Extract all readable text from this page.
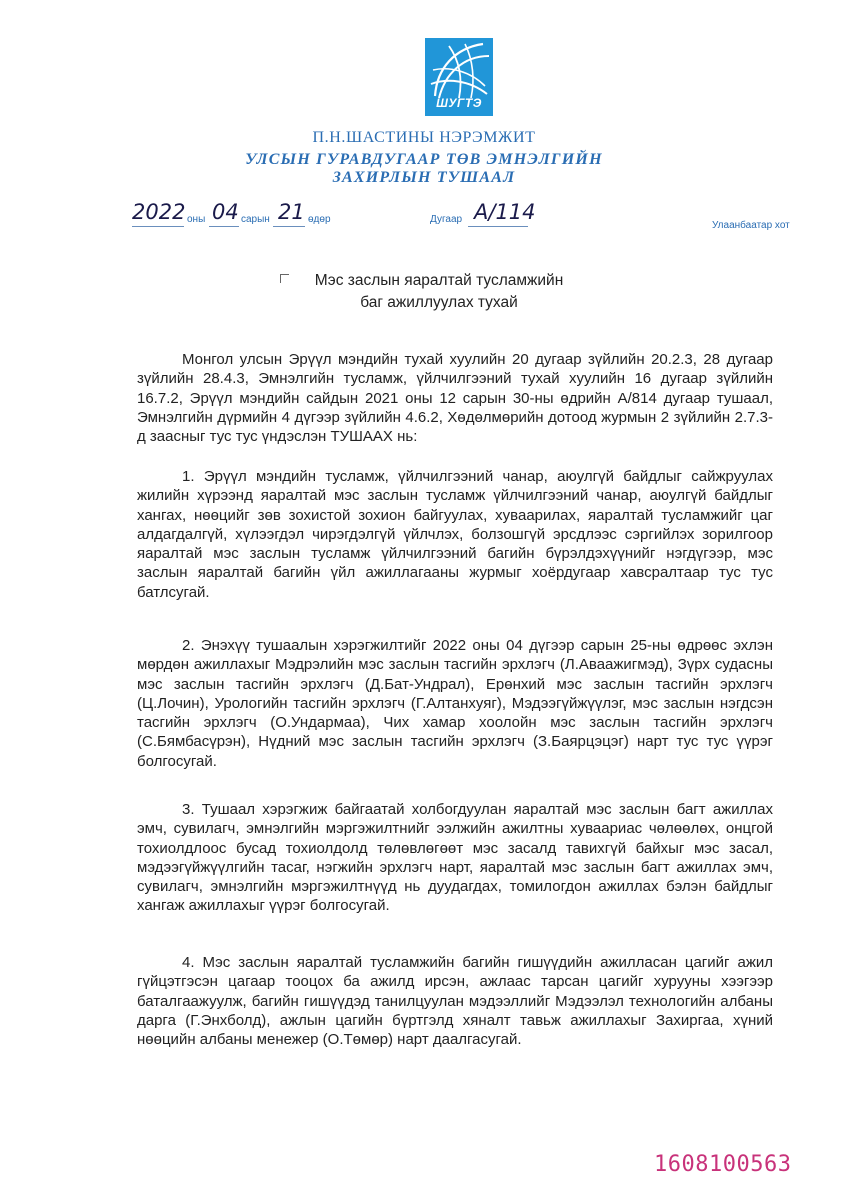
ШУГТЭ
П.Н.ШАСТИНЫ НЭРЭМЖИТ
УЛСЫН ГУРАВДУГААР ТӨВ ЭМНЭЛГИЙН
ЗАХИРЛЫН ТУШААЛ
2022 оны 04 сарын 21 өдөр	Дугаар А/114
Улаанбаатар хот
Мэс заслын яаралтай тусламжийн
баг ажиллуулах тухай

Монгол улсын Эрүүл мэндийн тухай хуулийн 20 дугаар зүйлийн 20.2.3, 28 дугаар зүйлийн 28.4.3, Эмнэлгийн тусламж, үйлчилгээний тухай хуулийн 16 дугаар зүйлийн 16.7.2, Эрүүл мэндийн сайдын 2021 оны 12 сарын 30-ны өдрийн А/814 дугаар тушаал, Эмнэлгийн дүрмийн 4 дүгээр зүйлийн 4.6.2, Хөдөлмөрийн дотоод журмын 2 зүйлийн 2.7.3-д заасныг тус тус үндэслэн ТУШААХ нь:

1. Эрүүл мэндийн тусламж, үйлчилгээний чанар, аюулгүй байдлыг сайжруулах жилийн хүрээнд яаралтай мэс заслын тусламж үйлчилгээний чанар, аюулгүй байдлыг хангах, нөөцийг зөв зохистой зохион байгуулах, хуваарилах, яаралтай тусламжийг цаг алдагдалгүй, хүлээгдэл чирэгдэлгүй үйлчлэх, болзошгүй эрсдлээс сэргийлэх зорилгоор яаралтай мэс заслын тусламж үйлчилгээний багийн бүрэлдэхүүнийг нэгдүгээр, мэс заслын яаралтай багийн үйл ажиллагааны журмыг хоёрдугаар хавсралтаар тус тус батлсугай.

2. Энэхүү тушаалын хэрэгжилтийг 2022 оны 04 дүгээр сарын 25-ны өдрөөс эхлэн мөрдөн ажиллахыг Мэдрэлийн мэс заслын тасгийн эрхлэгч (Л.Аваажигмэд), Зүрх судасны мэс заслын тасгийн эрхлэгч (Д.Бат-Ундрал), Ерөнхий мэс заслын тасгийн эрхлэгч (Ц.Лочин), Урологийн тасгийн эрхлэгч (Г.Алтанхуяг), Мэдээгүйжүүлэг, мэс заслын нэгдсэн тасгийн эрхлэгч (О.Ундармаа), Чих хамар хоолойн мэс заслын тасгийн эрхлэгч (С.Бямбасүрэн), Нүдний мэс заслын тасгийн эрхлэгч (З.Баярцэцэг) нарт тус тус үүрэг болгосугай.

3. Тушаал хэрэгжиж байгаатай холбогдуулан яаралтай мэс заслын багт ажиллах эмч, сувилагч, эмнэлгийн мэргэжилтнийг ээлжийн ажилтны хуваариас чөлөөлөх, онцгой тохиолдлоос бусад тохиолдолд төлөвлөгөөт мэс засалд тавихгүй байхыг мэс засал, мэдээгүйжүүлгийн тасаг, нэгжийн эрхлэгч нарт, яаралтай мэс заслын багт ажиллах эмч, сувилагч, эмнэлгийн мэргэжилтнүүд нь дуудагдах, томилогдон ажиллах бэлэн байдлыг хангаж ажиллахыг үүрэг болгосугай.

4. Мэс заслын яаралтай тусламжийн багийн гишүүдийн ажилласан цагийг ажил гүйцэтгэсэн цагаар тооцох ба ажилд ирсэн, ажлаас тарсан цагийг хурууны хээгээр баталгаажуулж, багийн гишүүдэд танилцуулан мэдээллийг Мэдээлэл технологийн албаны дарга (Г.Энхболд), ажлын цагийн бүртгэлд хяналт тавьж ажиллахыг Захиргаа, хүний нөөцийн албаны менежер (О.Төмөр) нарт даалгасугай.

1608100563
